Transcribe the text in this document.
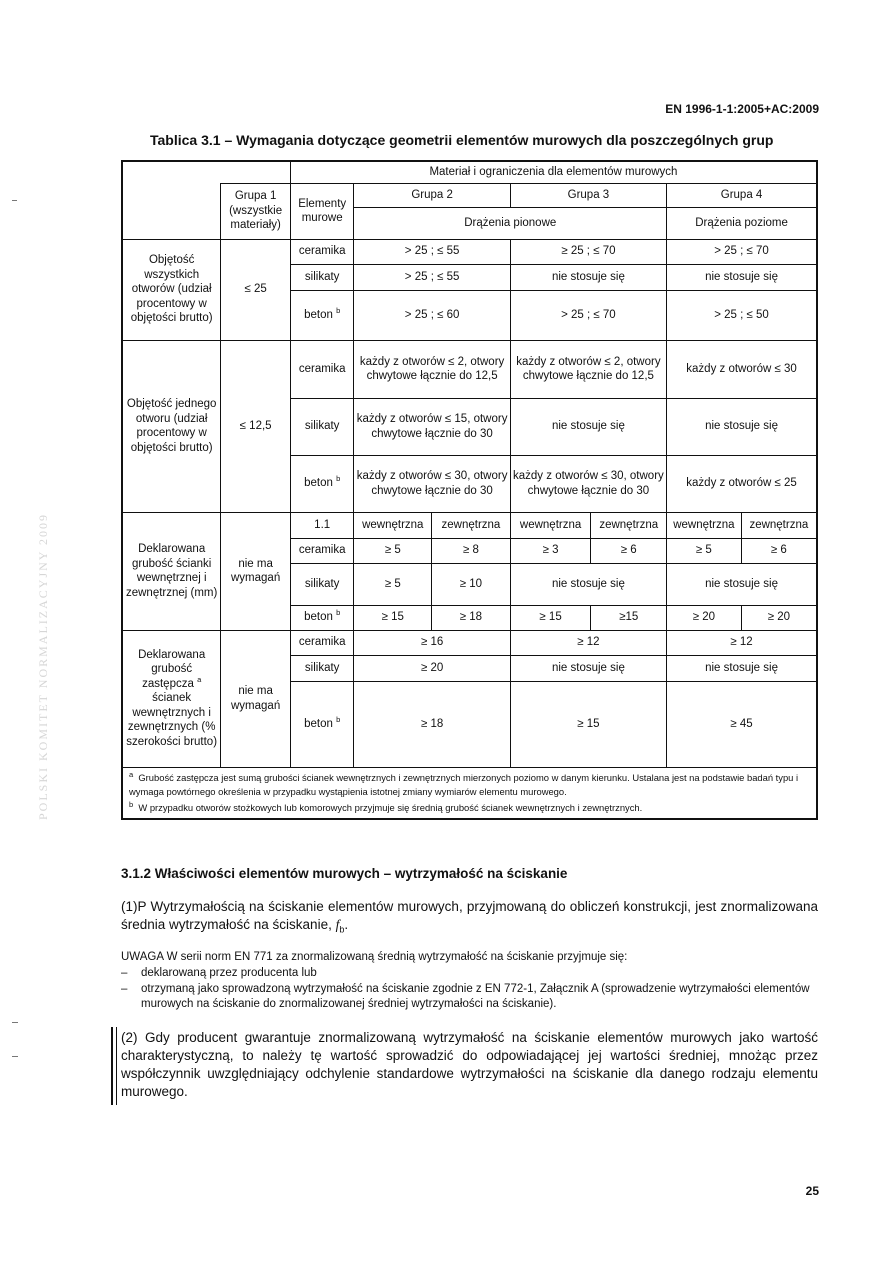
EN 1996-1-1:2005+AC:2009
Tablica 3.1 – Wymagania dotyczące geometrii elementów murowych dla poszczególnych grup
POLSKI KOMITET NORMALIZACYJNY 2009
		Materiał i ograniczenia dla elementów murowych						
	Grupa 1 (wszystkie materiały)	Elementy murowe	Grupa 2		Grupa 3		Grupa 4	
			Drążenia pionowe				Drążenia poziome	
Objętość wszystkich otworów (udział procentowy w objętości brutto)	≤ 25	ceramika	> 25 ; ≤ 55		≥ 25 ; ≤ 70		> 25 ; ≤ 70	
		silikaty	> 25 ; ≤ 55		nie stosuje się		nie stosuje się	
		beton $^b$	> 25 ; ≤ 60		> 25 ; ≤ 70		> 25 ; ≤ 50	
Objętość jednego otworu (udział procentowy w objętości brutto)	≤ 12,5	ceramika	każdy z otworów ≤ 2, otwory chwytowe łącznie do 12,5		każdy z otworów ≤ 2, otwory chwytowe łącznie do 12,5		każdy z otworów ≤ 30	
		silikaty	każdy z otworów ≤ 15, otwory chwytowe łącznie do 30		nie stosuje się		nie stosuje się	
		beton $^b$	każdy z otworów ≤ 30, otwory chwytowe łącznie do 30		każdy z otworów ≤ 30, otwory chwytowe łącznie do 30		każdy z otworów ≤ 25	
Deklarowana grubość ścianki wewnętrznej i zewnętrznej (mm)	nie ma wymagań	1.1	wewnętrzna	zewnętrzna	wewnętrzna	zewnętrzna	wewnętrzna	zewnętrzna
		ceramika	≥ 5	≥ 8	≥ 3	≥ 6	≥ 5	≥ 6
		silikaty	≥ 5	≥ 10	nie stosuje się		nie stosuje się	
		beton $^b$	≥ 15	≥ 18	≥ 15	≥15	≥ 20	≥ 20
Deklarowana grubość zastępcza $^a$ ścianek wewnętrznych i zewnętrznych (% szerokości brutto)	nie ma wymagań	ceramika	≥ 16		≥ 12		≥ 12	
		silikaty	≥ 20		nie stosuje się		nie stosuje się	
		beton $^b$	≥ 18		≥ 15		≥ 45	

$^a$ Grubość zastępcza jest sumą grubości ścianek wewnętrznych i zewnętrznych mierzonych poziomo w danym kierunku. Ustalana jest na podstawie badań typu i wymaga powtórnego określenia w przypadku wystąpienia istotnej zmiany wymiarów elementu murowego.
$^b$ W przypadku otworów stożkowych lub komorowych przyjmuje się średnią grubość ścianek wewnętrznych i zewnętrznych.								
3.1.2 Właściwości elementów murowych – wytrzymałość na ściskanie
(1)P Wytrzymałością na ściskanie elementów murowych, przyjmowaną do obliczeń konstrukcji, jest znormalizowana średnia wytrzymałość na ściskanie, $f_b$.
UWAGA W serii norm EN 771 za znormalizowaną średnią wytrzymałość na ściskanie przyjmuje się:
–	deklarowaną przez producenta lub
–	otrzymaną jako sprowadzoną wytrzymałość na ściskanie zgodnie z EN 772-1, Załącznik A (sprowadzenie wytrzymałości elementów murowych na ściskanie do znormalizowanej średniej wytrzymałości na ściskanie).
(2) Gdy producent gwarantuje znormalizowaną wytrzymałość na ściskanie elementów murowych jako wartość charakterystyczną, to należy tę wartość sprowadzić do odpowiadającej jej wartości średniej, mnożąc przez współczynnik uwzględniający odchylenie standardowe wytrzymałości na ściskanie dla danego rodzaju elementu murowego.
25
